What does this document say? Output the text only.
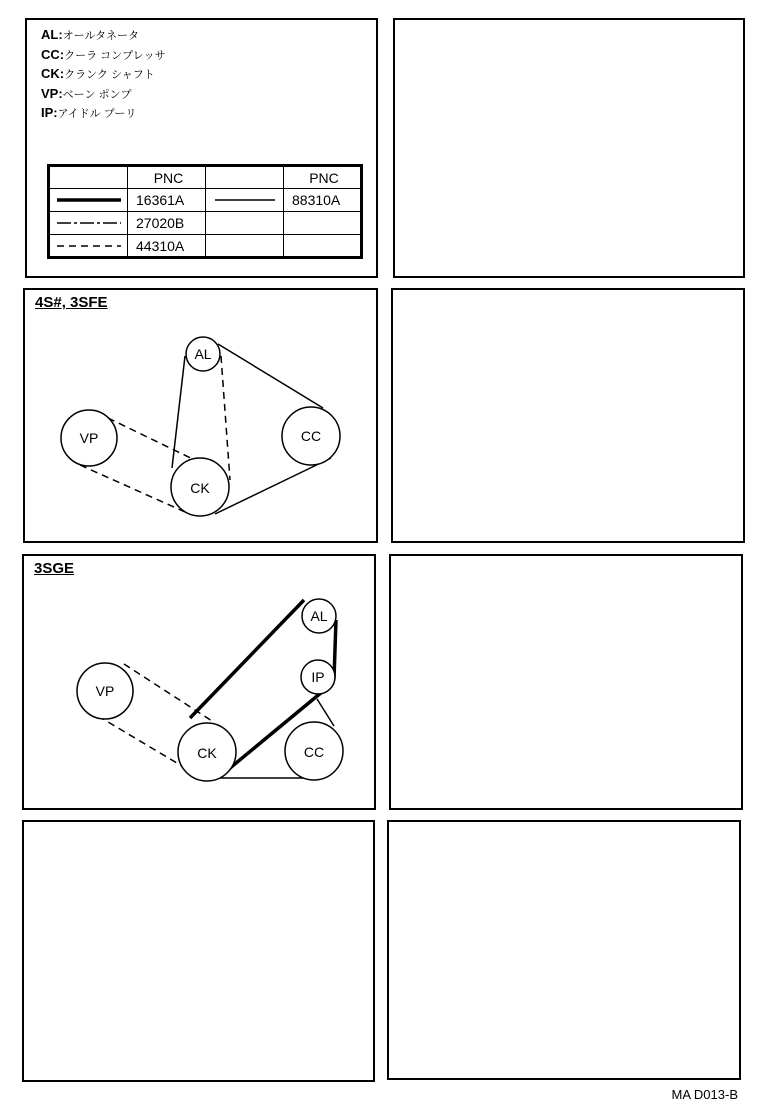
AL:オールタネータ
CC:クーラ コンプレッサ
CK:クランク シャフト
VP:ベーン ポンプ
IP:アイドル プーリ
	PNC		PNC
	16361A		88310A
	27020B		
	44310A		
4S#, 3SFE
AL
VP	CC
CK
3SGE
AL
IP
VP
CK	CC
MA D013-B
